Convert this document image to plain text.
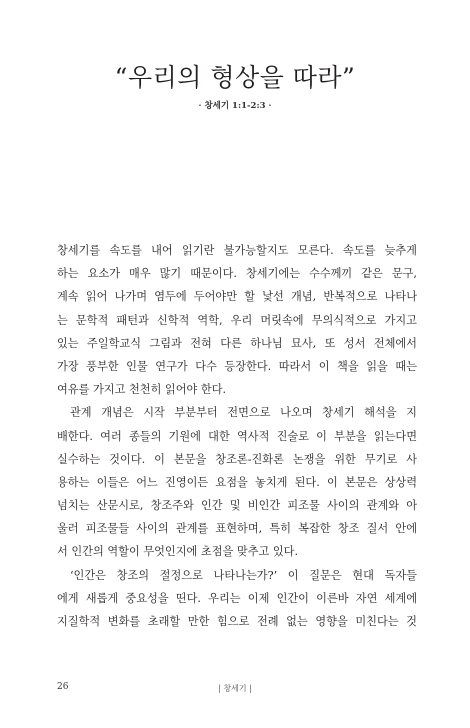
“우리의 형상을 따라”
· 창세기 1:1-2:3 ·
창세기를 속도를 내어 읽기란 불가능할지도 모른다. 속도를 늦추게
하는 요소가 매우 많기 때문이다. 창세기에는 수수께끼 같은 문구,
계속 읽어 나가며 염두에 두어야만 할 낯선 개념, 반복적으로 나타나
는 문학적 패턴과 신학적 역학, 우리 머릿속에 무의식적으로 가지고
있는 주일학교식 그림과 전혀 다른 하나님 묘사, 또 성서 전체에서
가장 풍부한 인물 연구가 다수 등장한다. 따라서 이 책을 읽을 때는
여유를 가지고 천천히 읽어야 한다.
관계 개념은 시작 부분부터 전면으로 나오며 창세기 해석을 지
배한다. 여러 종들의 기원에 대한 역사적 진술로 이 부분을 읽는다면
실수하는 것이다. 이 본문을 창조론-진화론 논쟁을 위한 무기로 사
용하는 이들은 어느 진영이든 요점을 놓치게 된다. 이 본문은 상상력
넘치는 산문시로, 창조주와 인간 및 비인간 피조물 사이의 관계와 아
울러 피조물들 사이의 관계를 표현하며, 특히 복잡한 창조 질서 안에
서 인간의 역할이 무엇인지에 초점을 맞추고 있다.
‘인간은 창조의 절정으로 나타나는가?’ 이 질문은 현대 독자들
에게 새롭게 중요성을 띤다. 우리는 이제 인간이 이른바 자연 세계에
지질학적 변화를 초래할 만한 힘으로 전례 없는 영향을 미친다는 것
26	| 창세기 |
